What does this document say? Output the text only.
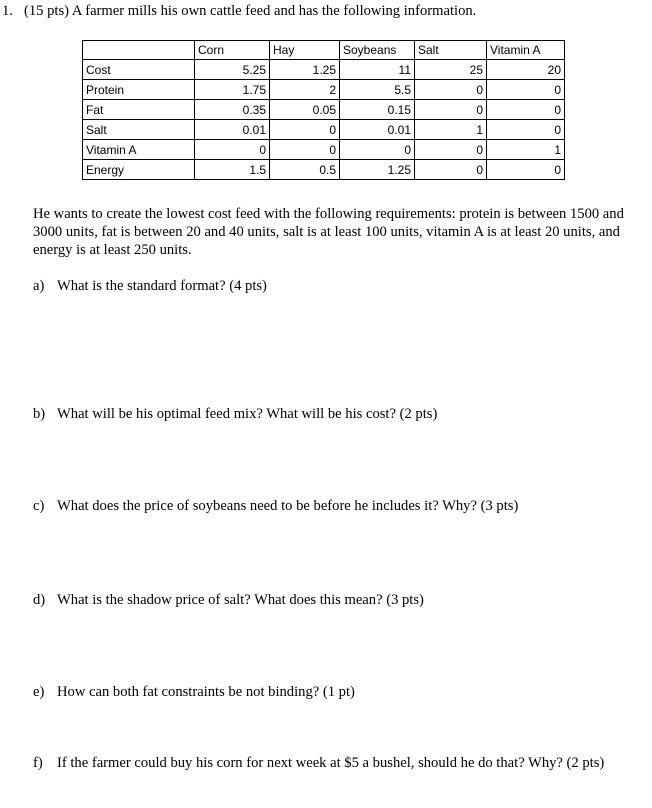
1. (15 pts) A farmer mills his own cattle feed and has the following information.
	Corn	Hay	Soybeans	Salt	Vitamin A
Cost	5.25	1.25	11	25	20
Protein	1.75	2	5.5	0	0
Fat	0.35	0.05	0.15	0	0
Salt	0.01	0	0.01	1	0
Vitamin A	0	0	0	0	1
Energy	1.5	0.5	1.25	0	0
He wants to create the lowest cost feed with the following requirements: protein is between 1500 and 3000 units, fat is between 20 and 40 units, salt is at least 100 units, vitamin A is at least 20 units, and energy is at least 250 units.
a) What is the standard format? (4 pts)
b) What will be his optimal feed mix? What will be his cost? (2 pts)
c) What does the price of soybeans need to be before he includes it? Why? (3 pts)
d) What is the shadow price of salt? What does this mean? (3 pts)
e) How can both fat constraints be not binding? (1 pt)
f) If the farmer could buy his corn for next week at $5 a bushel, should he do that? Why? (2 pts)
